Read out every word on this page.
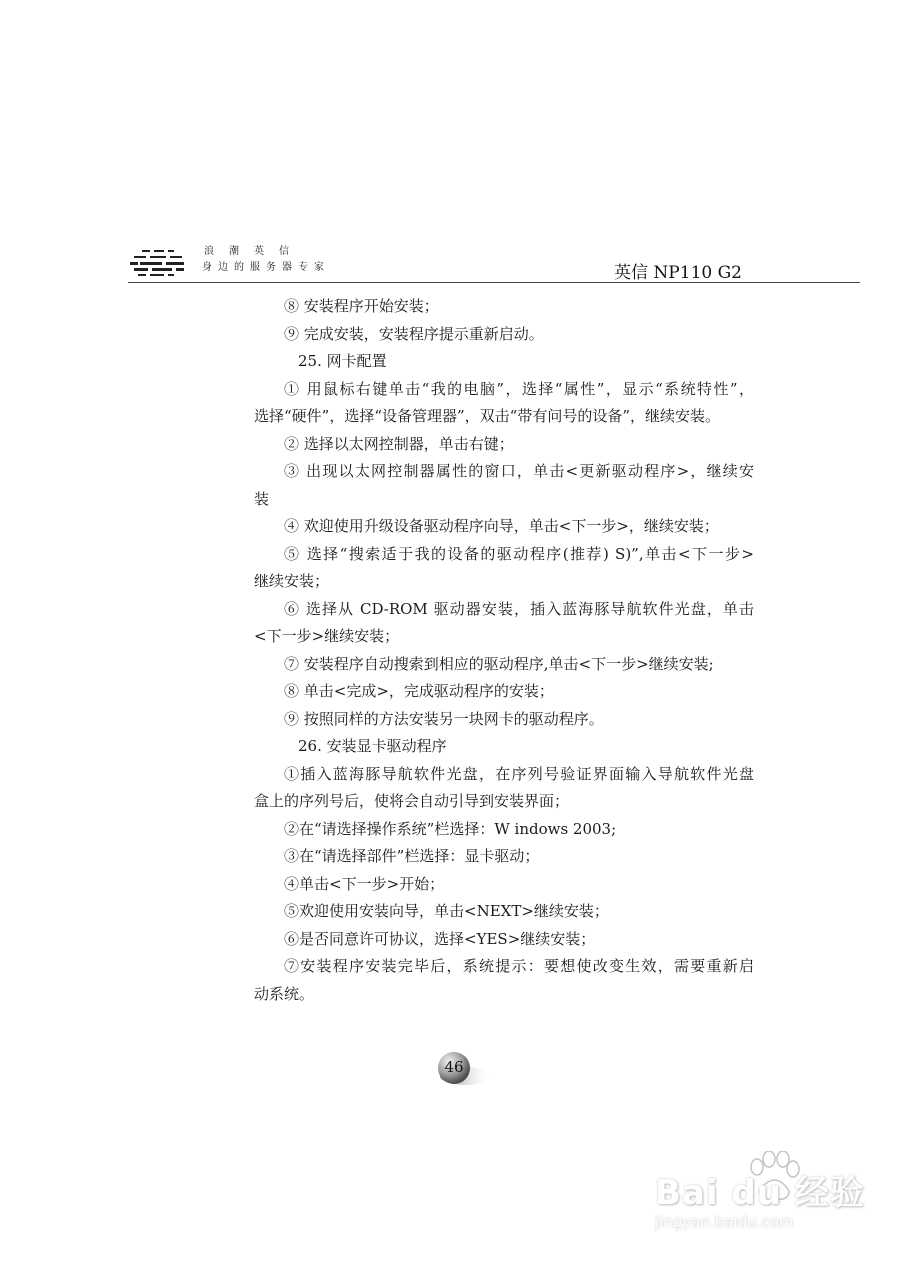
浪潮英信
身边的服务器专家	英信 NP110 G2
⑧ 安装程序开始安装；
⑨ 完成安装，安装程序提示重新启动。
25. 网卡配置
① 用鼠标右键单击“我的电脑”，选择“属性”，显示“系统特性”，
选择“硬件”，选择“设备管理器”，双击“带有问号的设备”，继续安装。
② 选择以太网控制器，单击右键；
③ 出现以太网控制器属性的窗口，单击<更新驱动程序>，继续安
装
④ 欢迎使用升级设备驱动程序向导，单击<下一步>，继续安装；
⑤ 选择“搜索适于我的设备的驱动程序(推荐) S)”,单击<下一步>
继续安装；
⑥ 选择从 CD-ROM 驱动器安装，插入蓝海豚导航软件光盘，单击
<下一步>继续安装；
⑦ 安装程序自动搜索到相应的驱动程序,单击<下一步>继续安装;
⑧ 单击<完成>，完成驱动程序的安装；
⑨ 按照同样的方法安装另一块网卡的驱动程序。
26. 安装显卡驱动程序
①插入蓝海豚导航软件光盘，在序列号验证界面输入导航软件光盘
盒上的序列号后，使将会自动引导到安装界面；
②在“请选择操作系统”栏选择：W indows 2003;
③在“请选择部件”栏选择：显卡驱动；
④单击<下一步>开始；
⑤欢迎使用安装向导，单击<NEXT>继续安装；
⑥是否同意许可协议，选择<YES>继续安装；
⑦安装程序安装完毕后，系统提示：要想使改变生效，需要重新启
动系统。
46
Bai du 经验
jingyan.baidu.com
